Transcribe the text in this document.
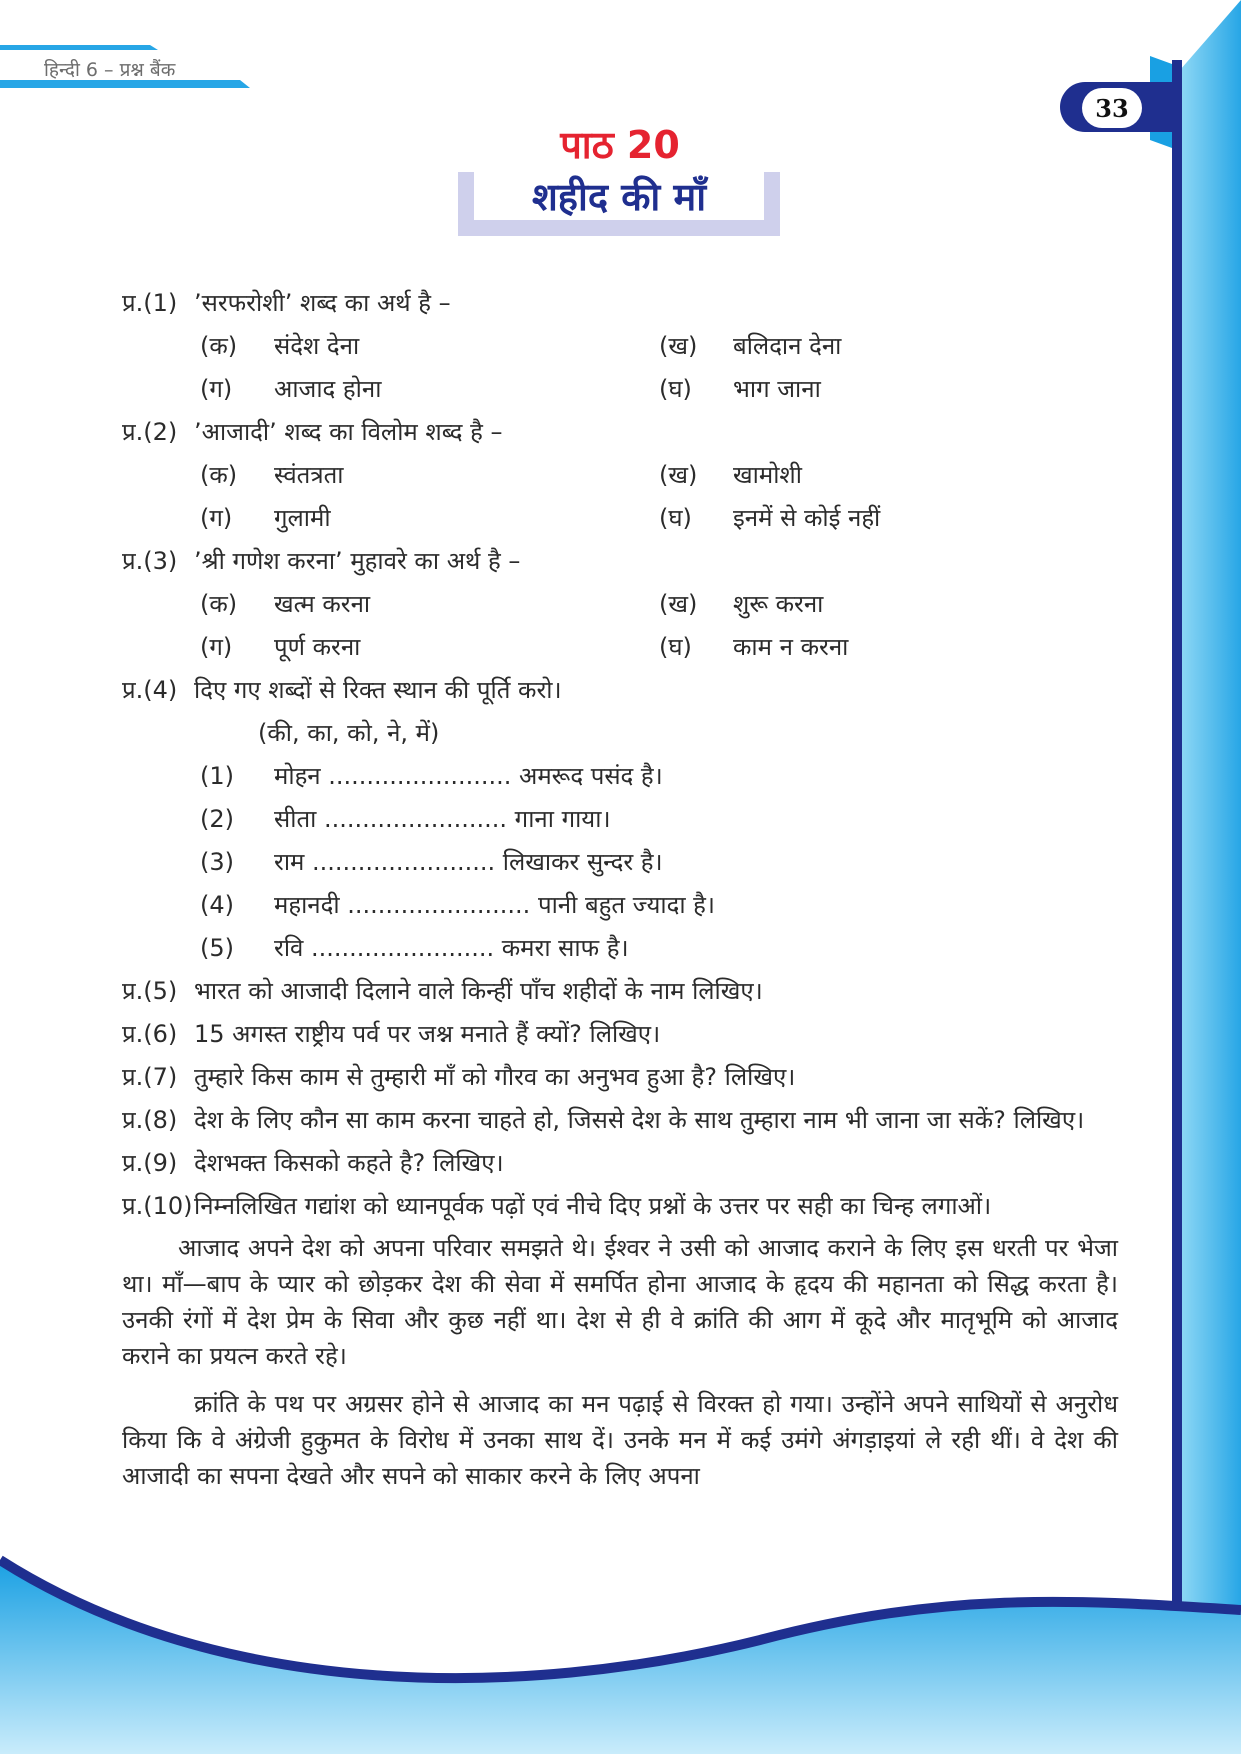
हिन्दी 6 – प्रश्न बैंक
33
पाठ 20
शहीद की माँ
प्र.(1) ’सरफरोशी’ शब्द का अर्थ है –
(क)	संदेश देना	(ख)	बलिदान देना
(ग)	आजाद होना	(घ)	भाग जाना
प्र.(2) ’आजादी’ शब्द का विलोम शब्द है –
(क)	स्वंतत्रता	(ख)	खामोशी
(ग)	गुलामी	(घ)	इनमें से कोई नहीं
प्र.(3) ’श्री गणेश करना’ मुहावरे का अर्थ है –
(क)	खत्म करना	(ख)	शुरू करना
(ग)	पूर्ण करना	(घ)	काम न करना
प्र.(4) दिए गए शब्दों से रिक्त स्थान की पूर्ति करो।
(की, का, को, ने, में)
(1)	मोहन ........................ अमरूद पसंद है।
(2)	सीता ........................ गाना गाया।
(3)	राम ........................ लिखाकर सुन्दर है।
(4)	महानदी ........................ पानी बहुत ज्यादा है।
(5)	रवि ........................ कमरा साफ है।
प्र.(5) भारत को आजादी दिलाने वाले किन्हीं पाँच शहीदों के नाम लिखिए।
प्र.(6) 15 अगस्त राष्ट्रीय पर्व पर जश्न मनाते हैं क्यों? लिखिए।
प्र.(7) तुम्हारे किस काम से तुम्हारी माँ को गौरव का अनुभव हुआ है? लिखिए।
प्र.(8) देश के लिए कौन सा काम करना चाहते हो, जिससे देश के साथ तुम्हारा नाम भी जाना जा सकें? लिखिए।
प्र.(9) देशभक्त किसको कहते है? लिखिए।
प्र.(10) निम्नलिखित गद्यांश को ध्यानपूर्वक पढ़ों एवं नीचे दिए प्रश्नों के उत्तर पर सही का चिन्ह लगाओं।

आजाद अपने देश को अपना परिवार समझते थे। ईश्वर ने उसी को आजाद कराने के लिए इस धरती पर भेजा था। माँ—बाप के प्यार को छोड़कर देश की सेवा में समर्पित होना आजाद के हृदय की महानता को सिद्ध करता है। उनकी रंगों में देश प्रेम के सिवा और कुछ नहीं था। देश से ही वे क्रांति की आग में कूदे और मातृभूमि को आजाद कराने का प्रयत्न करते रहे।

क्रांति के पथ पर अग्रसर होने से आजाद का मन पढ़ाई से विरक्त हो गया। उन्होंने अपने साथियों से अनुरोध किया कि वे अंग्रेजी हुकुमत के विरोध में उनका साथ दें। उनके मन में कई उमंगे अंगड़ाइयां ले रही थीं। वे देश की आजादी का सपना देखते और सपने को साकार करने के लिए अपना
